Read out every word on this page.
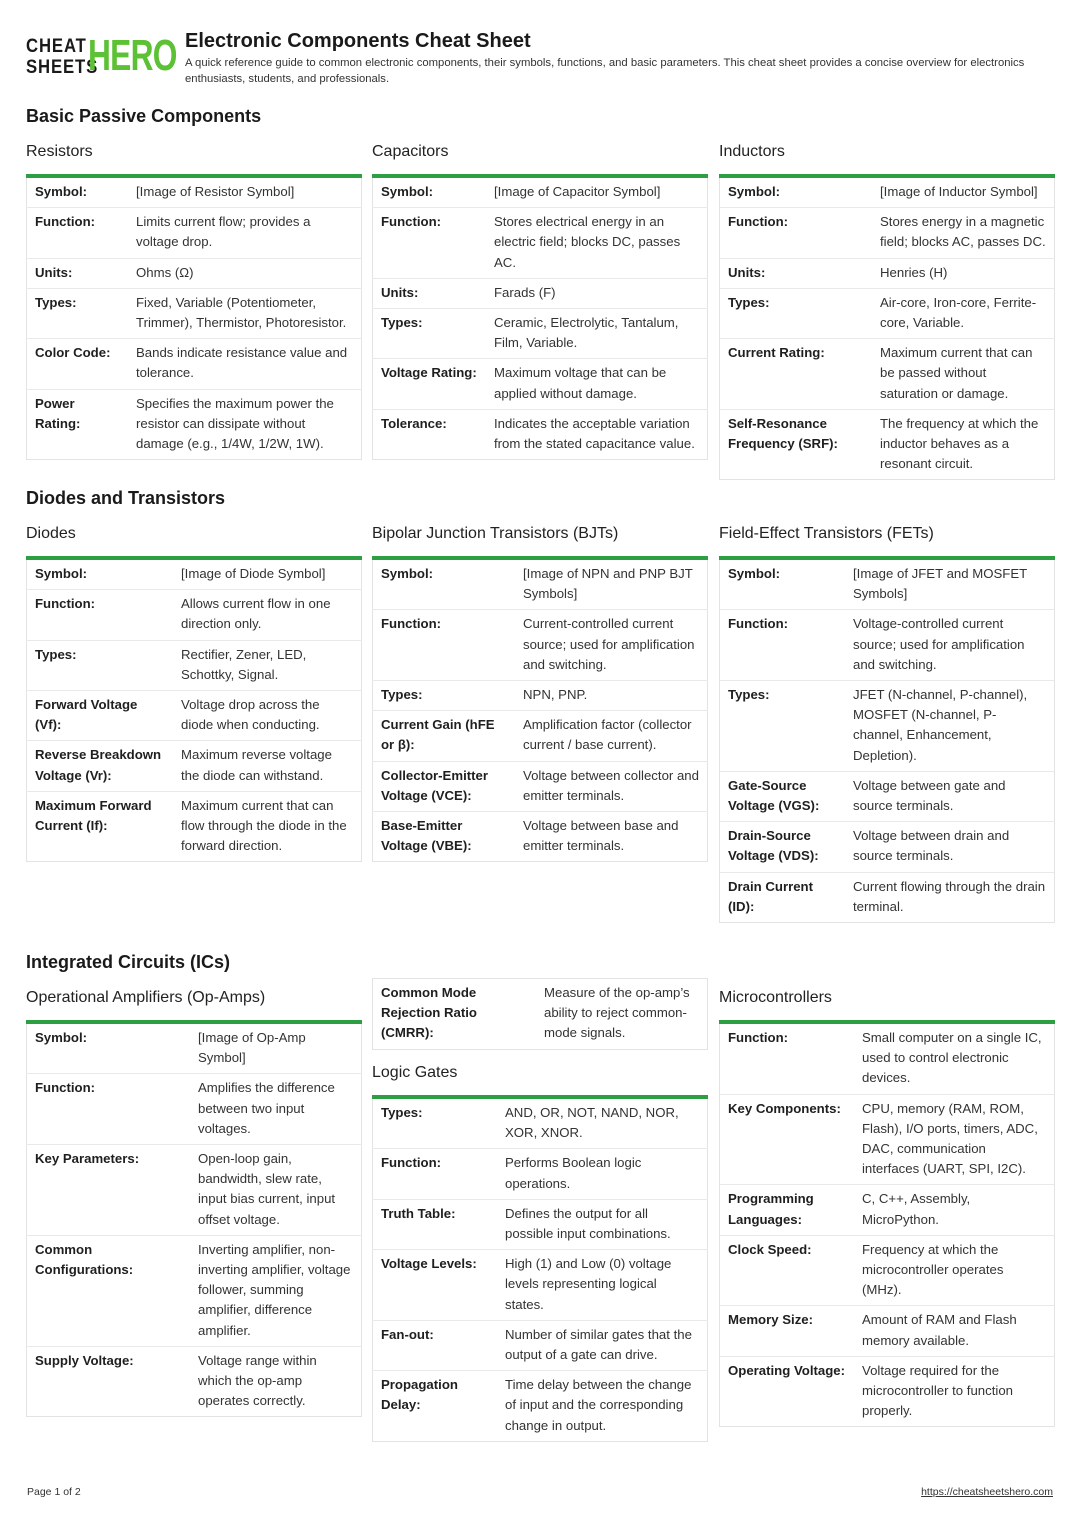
CHEAT
SHEETS
HERO Electronic Components Cheat Sheet
A quick reference guide to common electronic components, their symbols, functions, and basic parameters. This cheat sheet provides a concise overview for electronics enthusiasts, students, and professionals.
Basic Passive Components
Diodes and Transistors
Integrated Circuits (ICs)
Resistors
Symbol:	[Image of Resistor Symbol]
Function:	Limits current flow; provides a voltage drop.
Units:	Ohms (Ω)
Types:	Fixed, Variable (Potentiometer, Trimmer), Thermistor, Photoresistor.
Color Code:	Bands indicate resistance value and tolerance.
Power Rating:	Specifies the maximum power the resistor can dissipate without damage (e.g., 1/4W, 1/2W, 1W).
Capacitors
Symbol:	[Image of Capacitor Symbol]
Function:	Stores electrical energy in an electric field; blocks DC, passes AC.
Units:	Farads (F)
Types:	Ceramic, Electrolytic, Tantalum, Film, Variable.
Voltage Rating:	Maximum voltage that can be applied without damage.
Tolerance:	Indicates the acceptable variation from the stated capacitance value.
Inductors
Symbol:	[Image of Inductor Symbol]
Function:	Stores energy in a magnetic field; blocks AC, passes DC.
Units:	Henries (H)
Types:	Air-core, Iron-core, Ferrite-core, Variable.
Current Rating:	Maximum current that can be passed without saturation or damage.
Self-Resonance Frequency (SRF):	The frequency at which the inductor behaves as a resonant circuit.
Diodes
Symbol:	[Image of Diode Symbol]
Function:	Allows current flow in one direction only.
Types:	Rectifier, Zener, LED, Schottky, Signal.
Forward Voltage (Vf):	Voltage drop across the diode when conducting.
Reverse Breakdown Voltage (Vr):	Maximum reverse voltage the diode can withstand.
Maximum Forward Current (If):	Maximum current that can flow through the diode in the forward direction.
Bipolar Junction Transistors (BJTs)
Symbol:	[Image of NPN and PNP BJT Symbols]
Function:	Current-controlled current source; used for amplification and switching.
Types:	NPN, PNP.
Current Gain (hFE or β):	Amplification factor (collector current / base current).
Collector-Emitter Voltage (VCE):	Voltage between collector and emitter terminals.
Base-Emitter Voltage (VBE):	Voltage between base and emitter terminals.
Field-Effect Transistors (FETs)
Symbol:	[Image of JFET and MOSFET Symbols]
Function:	Voltage-controlled current source; used for amplification and switching.
Types:	JFET (N-channel, P-channel), MOSFET (N-channel, P-channel, Enhancement, Depletion).
Gate-Source Voltage (VGS):	Voltage between gate and source terminals.
Drain-Source Voltage (VDS):	Voltage between drain and source terminals.
Drain Current (ID):	Current flowing through the drain terminal.
Operational Amplifiers (Op-Amps)
Symbol:	[Image of Op-Amp Symbol]
Function:	Amplifies the difference between two input voltages.
Key Parameters:	Open-loop gain, bandwidth, slew rate, input bias current, input offset voltage.
Common Configurations:	Inverting amplifier, non-inverting amplifier, voltage follower, summing amplifier, difference amplifier.
Supply Voltage:	Voltage range within which the op-amp operates correctly.
Common Mode Rejection Ratio (CMRR):	Measure of the op-amp’s ability to reject common-mode signals.
Logic Gates
Types:	AND, OR, NOT, NAND, NOR, XOR, XNOR.
Function:	Performs Boolean logic operations.
Truth Table:	Defines the output for all possible input combinations.
Voltage Levels:	High (1) and Low (0) voltage levels representing logical states.
Fan-out:	Number of similar gates that the output of a gate can drive.
Propagation Delay:	Time delay between the change of input and the corresponding change in output.
Microcontrollers
Function:	Small computer on a single IC, used to control electronic devices.
Key Components:	CPU, memory (RAM, ROM, Flash), I/O ports, timers, ADC, DAC, communication interfaces (UART, SPI, I2C).
Programming Languages:	C, C++, Assembly, MicroPython.
Clock Speed:	Frequency at which the microcontroller operates (MHz).
Memory Size:	Amount of RAM and Flash memory available.
Operating Voltage:	Voltage required for the microcontroller to function properly.
Page 1 of 2	https://cheatsheetshero.com
